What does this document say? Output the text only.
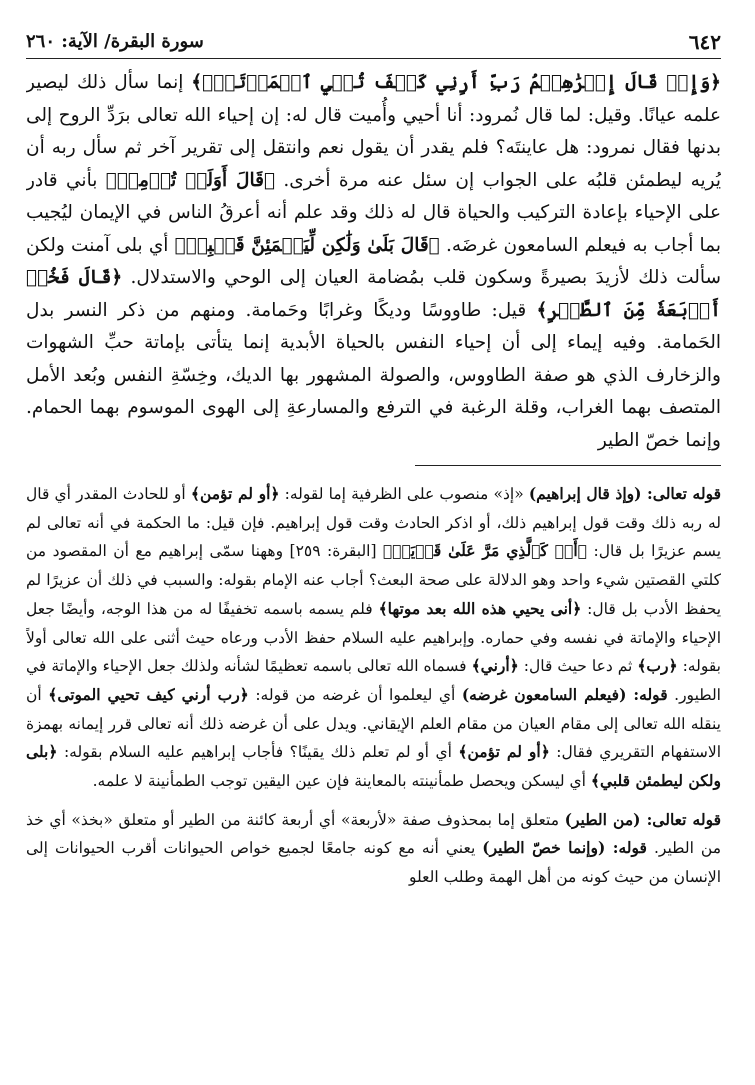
٦٤٢
سورة البقرة/ الآية: ٢٦٠

﴿وَإِذۡ قَالَ إِبۡرَٰهِـۧمُ رَبِّ أَرِنِي كَيۡفَ تُحۡيِ ٱلۡمَوۡتَىٰۖ﴾ إنما سأل ذلك ليصير علمه عيانًا. وقيل: لما قال نُمرود: أنا أحيي وأُميت قال له: إن إحياء الله تعالى برَدِّ الروح إلى بدنها فقال نمرود: هل عاينتَه؟ فلم يقدر أن يقول نعم وانتقل إلى تقرير آخر ثم سأل ربه أن يُريه ليطمئن قلبُه على الجواب إن سئل عنه مرة أخرى. ﴿قَالَ أَوَلَمۡ تُؤۡمِنۖ﴾ بأني قادر على الإحياء بإعادة التركيب والحياة قال له ذلك وقد علم أنه أعرقُ الناس في الإيمان ليُجيب بما أجاب به فيعلم السامعون غرضَه. ﴿قَالَ بَلَىٰ وَلَٰكِن لِّيَطۡمَئِنَّ قَلۡبِيۖ﴾ أي بلى آمنت ولكن سألت ذلك لأزيدَ بصيرةً وسكون قلب بمُضامة العيان إلى الوحي والاستدلال. ﴿قَالَ فَخُذۡ أَرۡبَعَةٗ مِّنَ ٱلطَّيۡرِ﴾ قيل: طاووسًا وديكًا وغرابًا وحَمامة. ومنهم من ذكر النسر بدل الحَمامة. وفيه إيماء إلى أن إحياء النفس بالحياة الأبدية إنما يتأتى بإماتة حبِّ الشهوات والزخارف الذي هو صفة الطاووس، والصولة المشهور بها الديك، وخِسّةِ النفس وبُعد الأمل المتصف بهما الغراب، وقلة الرغبة في الترفع والمسارعةِ إلى الهوى الموسوم بهما الحمام. وإنما خصّ الطير

قوله تعالى: (وإذ قال إبراهيم) «إذ» منصوب على الظرفية إما لقوله: ﴿أو لم تؤمن﴾ أو للحادث المقدر أي قال له ربه ذلك وقت قول إبراهيم ذلك، أو اذكر الحادث وقت قول إبراهيم. فإن قيل: ما الحكمة في أنه تعالى لم يسم عزيرًا بل قال: ﴿أَوۡ كَٱلَّذِي مَرَّ عَلَىٰ قَرۡيَةٖ﴾ [البقرة: ٢٥٩] وههنا سمّى إبراهيم مع أن المقصود من كلتي القصتين شيء واحد وهو الدلالة على صحة البعث؟ أجاب عنه الإمام بقوله: والسبب في ذلك أن عزيرًا لم يحفظ الأدب بل قال: ﴿أنى يحيي هذه الله بعد موتها﴾ فلم يسمه باسمه تخفيفًا له من هذا الوجه، وأيضًا جعل الإحياء والإماتة في نفسه وفي حماره. وإبراهيم عليه السلام حفظ الأدب ورعاه حيث أثنى على الله تعالى أولاً بقوله: ﴿رب﴾ ثم دعا حيث قال: ﴿أرني﴾ فسماه الله تعالى باسمه تعظيمًا لشأنه ولذلك جعل الإحياء والإماتة في الطيور. قوله: (فيعلم السامعون غرضه) أي ليعلموا أن غرضه من قوله: ﴿رب أرني كيف تحيي الموتى﴾ أن ينقله الله تعالى إلى مقام العيان من مقام العلم الإيقاني. ويدل على أن غرضه ذلك أنه تعالى قرر إيمانه بهمزة الاستفهام التقريري فقال: ﴿أو لم تؤمن﴾ أي أو لم تعلم ذلك يقينًا؟ فأجاب إبراهيم عليه السلام بقوله: ﴿بلى ولكن ليطمئن قلبي﴾ أي ليسكن ويحصل طمأنينته بالمعاينة فإن عين اليقين توجب الطمأنينة لا علمه.

قوله تعالى: (من الطير) متعلق إما بمحذوف صفة «لأربعة» أي أربعة كائنة من الطير أو متعلق «بخذ» أي خذ من الطير. قوله: (وإنما خصّ الطير) يعني أنه مع كونه جامعًا لجميع خواص الحيوانات أقرب الحيوانات إلى الإنسان من حيث كونه من أهل الهمة وطلب العلو
